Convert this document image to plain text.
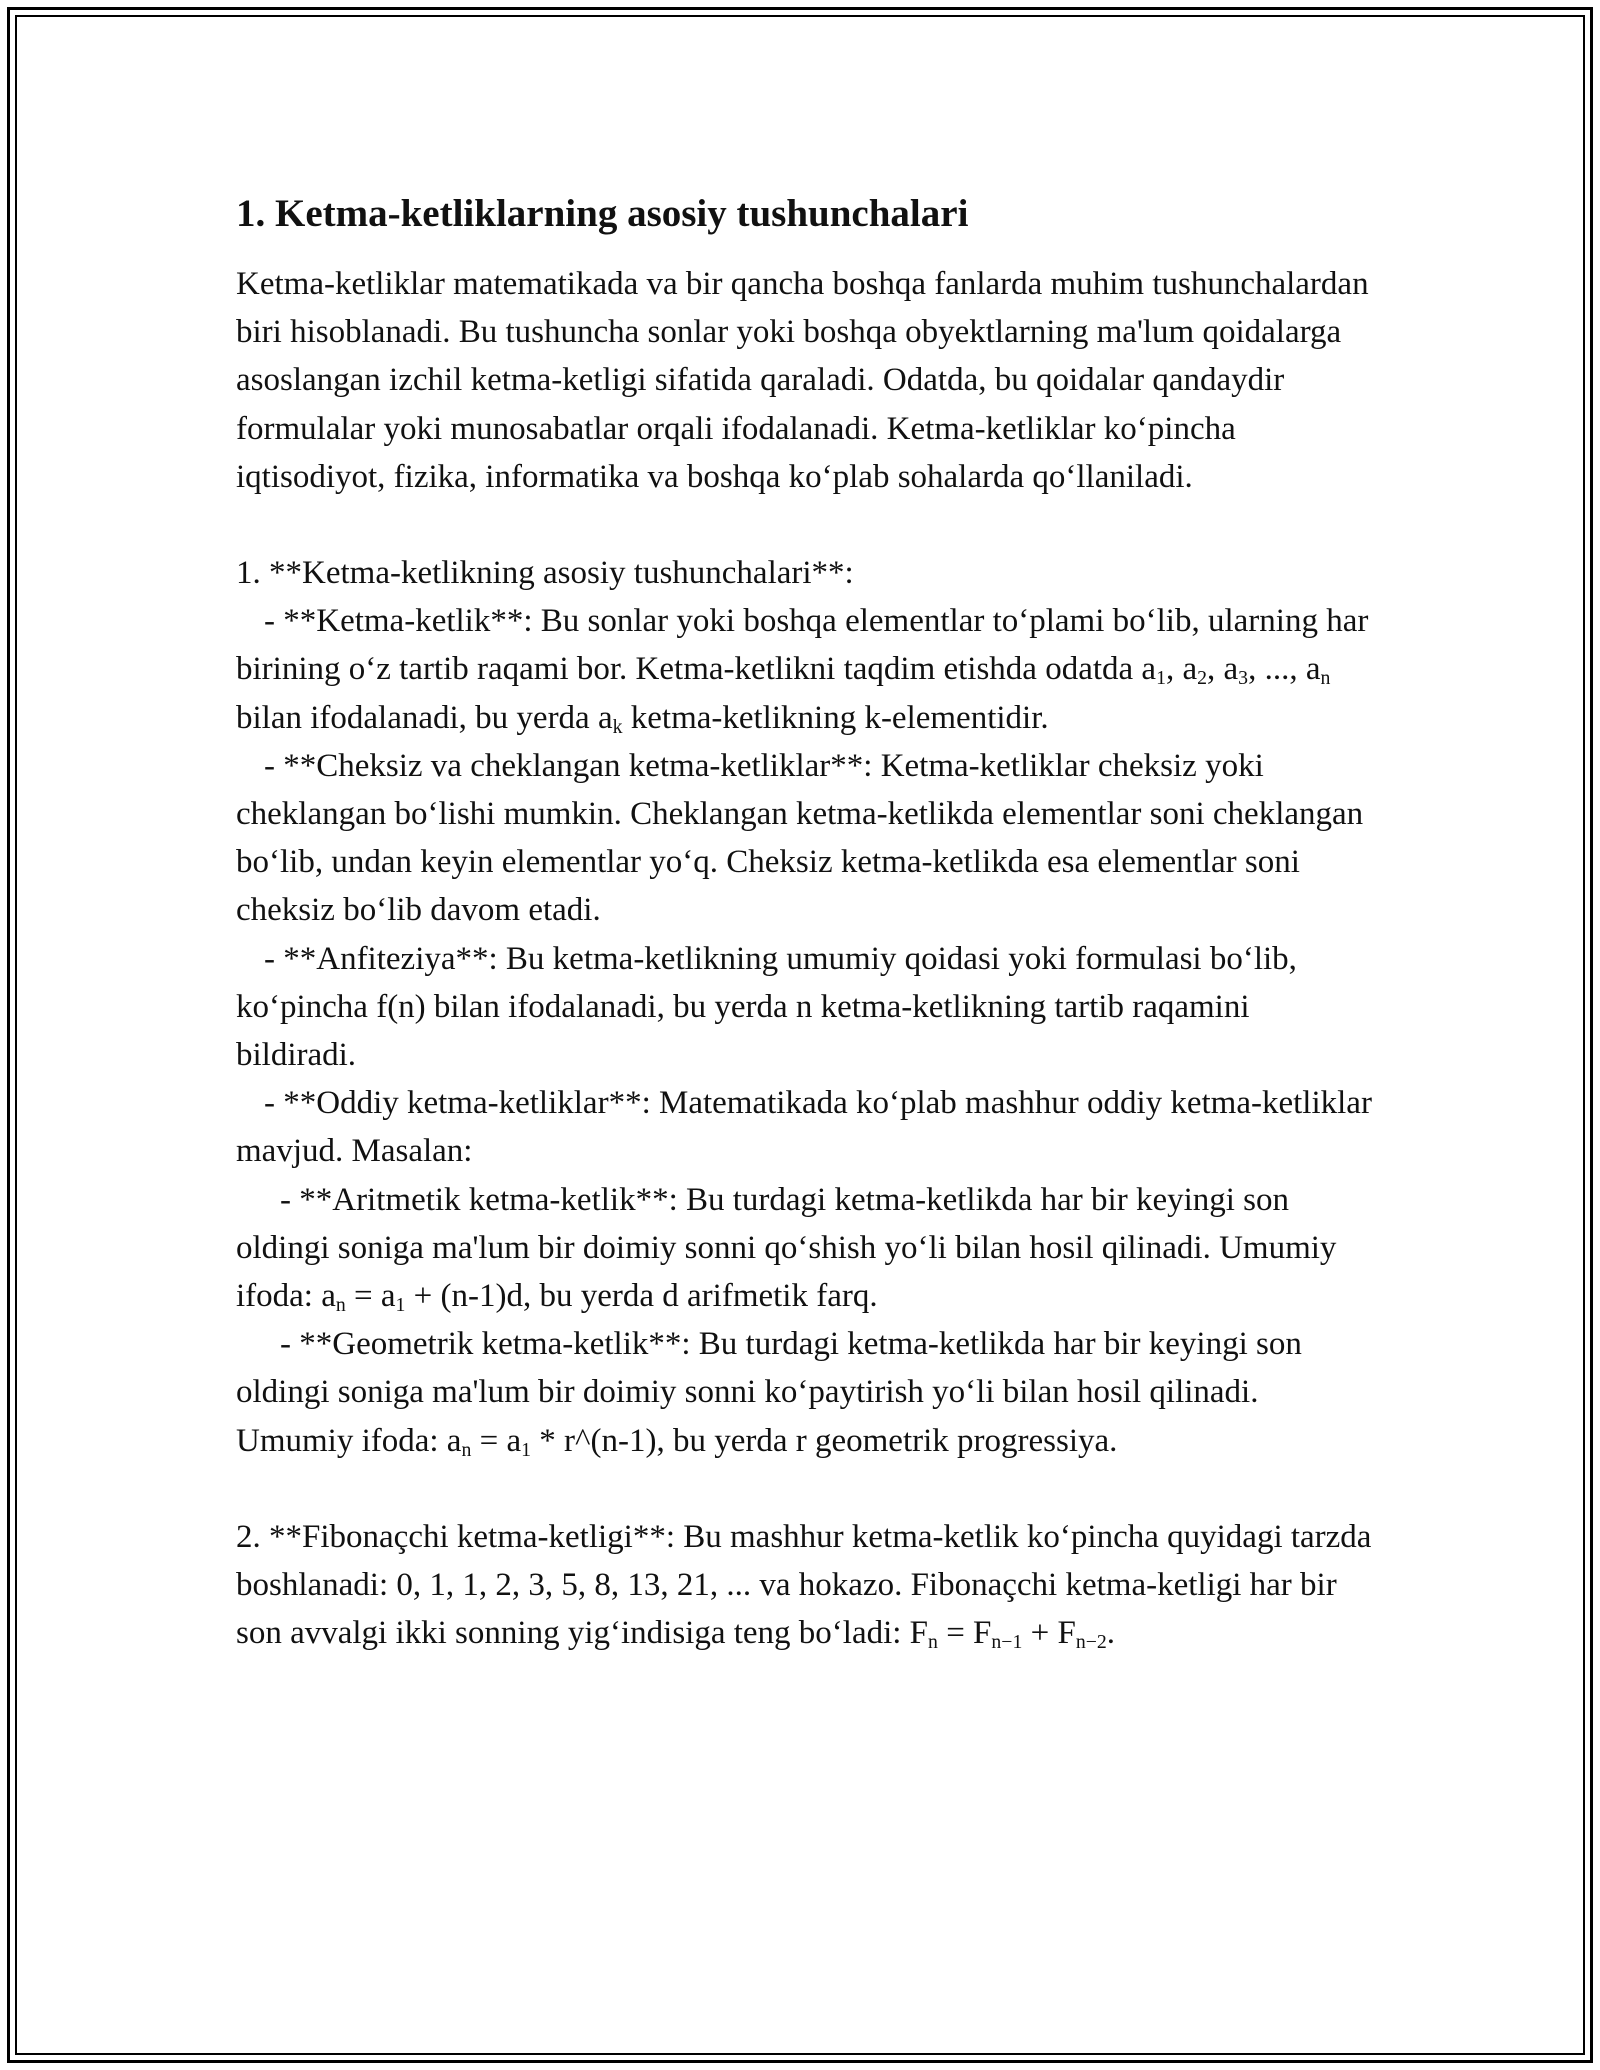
1. Ketma-ketliklarning asosiy tushunchalari

Ketma-ketliklar matematikada va bir qancha boshqa fanlarda muhim tushunchalardan biri hisoblanadi. Bu tushuncha sonlar yoki boshqa obyektlarning ma'lum qoidalarga asoslangan izchil ketma-ketligi sifatida qaraladi. Odatda, bu qoidalar qandaydir formulalar yoki munosabatlar orqali ifodalanadi. Ketma-ketliklar ko‘pincha iqtisodiyot, fizika, informatika va boshqa ko‘plab sohalarda qo‘llaniladi.

1. **Ketma-ketlikning asosiy tushunchalari**:

- **Ketma-ketlik**: Bu sonlar yoki boshqa elementlar to‘plami bo‘lib, ularning har birining o‘z tartib raqami bor. Ketma-ketlikni taqdim etishda odatda $a_1$, $a_2$, $a_3$, ..., $a_n$ bilan ifodalanadi, bu yerda $a_k$ ketma-ketlikning k-elementidir.

- **Cheksiz va cheklangan ketma-ketliklar**: Ketma-ketliklar cheksiz yoki cheklangan bo‘lishi mumkin. Cheklangan ketma-ketlikda elementlar soni cheklangan bo‘lib, undan keyin elementlar yo‘q. Cheksiz ketma-ketlikda esa elementlar soni cheksiz bo‘lib davom etadi.

- **Anfiteziya**: Bu ketma-ketlikning umumiy qoidasi yoki formulasi bo‘lib, ko‘pincha f(n) bilan ifodalanadi, bu yerda n ketma-ketlikning tartib raqamini bildiradi.

- **Oddiy ketma-ketliklar**: Matematikada ko‘plab mashhur oddiy ketma-ketliklar mavjud. Masalan:

- **Aritmetik ketma-ketlik**: Bu turdagi ketma-ketlikda har bir keyingi son oldingi soniga ma'lum bir doimiy sonni qo‘shish yo‘li bilan hosil qilinadi. Umumiy ifoda: $a_n = a_1 + (n-1)d$, bu yerda d arifmetik farq.

- **Geometrik ketma-ketlik**: Bu turdagi ketma-ketlikda har bir keyingi son oldingi soniga ma'lum bir doimiy sonni ko‘paytirish yo‘li bilan hosil qilinadi. Umumiy ifoda: $a_n = a_1$ * r^(n-1), bu yerda r geometrik progressiya.

2. **Fibonaçchi ketma-ketligi**: Bu mashhur ketma-ketlik ko‘pincha quyidagi tarzda boshlanadi: 0, 1, 1, 2, 3, 5, 8, 13, 21, ... va hokazo. Fibonaçchi ketma-ketligi har bir son avvalgi ikki sonning yig‘indisiga teng bo‘ladi: $F_n = F_{n-1} + F_{n-2}$.
